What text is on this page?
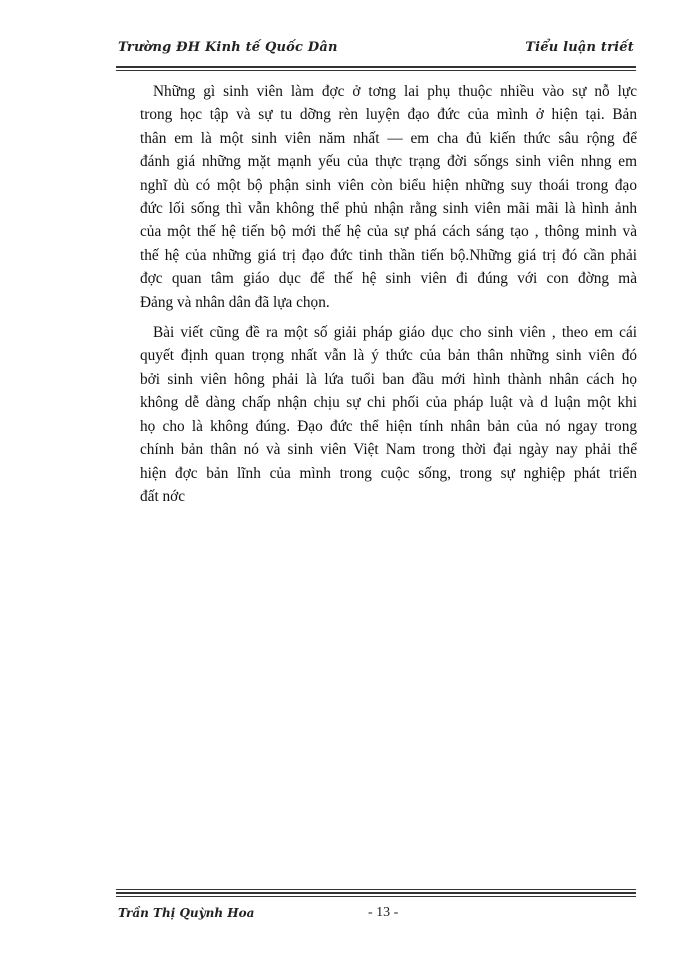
Trường ĐH Kinh tế Quốc Dân	Tiểu luận triết
Những gì sinh viên làm đợc ở tơng lai phụ thuộc nhiều vào sự nỗ lực
trong học tập và sự tu dỡng rèn luyện đạo đức của mình ở hiện tại. Bản
thân em là một sinh viên năm nhất — em cha đủ kiến thức sâu rộng để
đánh giá những mặt mạnh yếu của thực trạng đời sốngs sinh viên nhng em
nghĩ dù có một bộ phận sinh viên còn biểu hiện những suy thoái trong đạo
đức lối sống thì vẫn không thể phủ nhận rằng sinh viên mãi mãi là hình ảnh
của một thế hệ tiến bộ mới thế hệ của sự phá cách sáng tạo , thông minh và
thế hệ của những giá trị đạo đức tinh thần tiến bộ.Những giá trị đó cần phải
đợc quan tâm giáo dục để thế hệ sinh viên đi đúng với con đờng mà
Đảng và nhân dân đã lựa chọn.
Bài viết cũng đề ra một số giải pháp giáo dục cho sinh viên , theo em cái
quyết định quan trọng nhất vẫn là ý thức của bản thân những sinh viên đó
bởi sinh viên hông phải là lứa tuổi ban đầu mới hình thành nhân cách họ
không dễ dàng chấp nhận chịu sự chi phối của pháp luật và d luận một khi
họ cho là không đúng. Đạo đức thể hiện tính nhân bản của nó ngay trong
chính bản thân nó và sinh viên Việt Nam trong thời đại ngày nay phải thể
hiện đợc bản lĩnh của mình trong cuộc sống, trong sự nghiệp phát triển
đất nớc
Trần Thị Quỳnh Hoa	- 13 -
